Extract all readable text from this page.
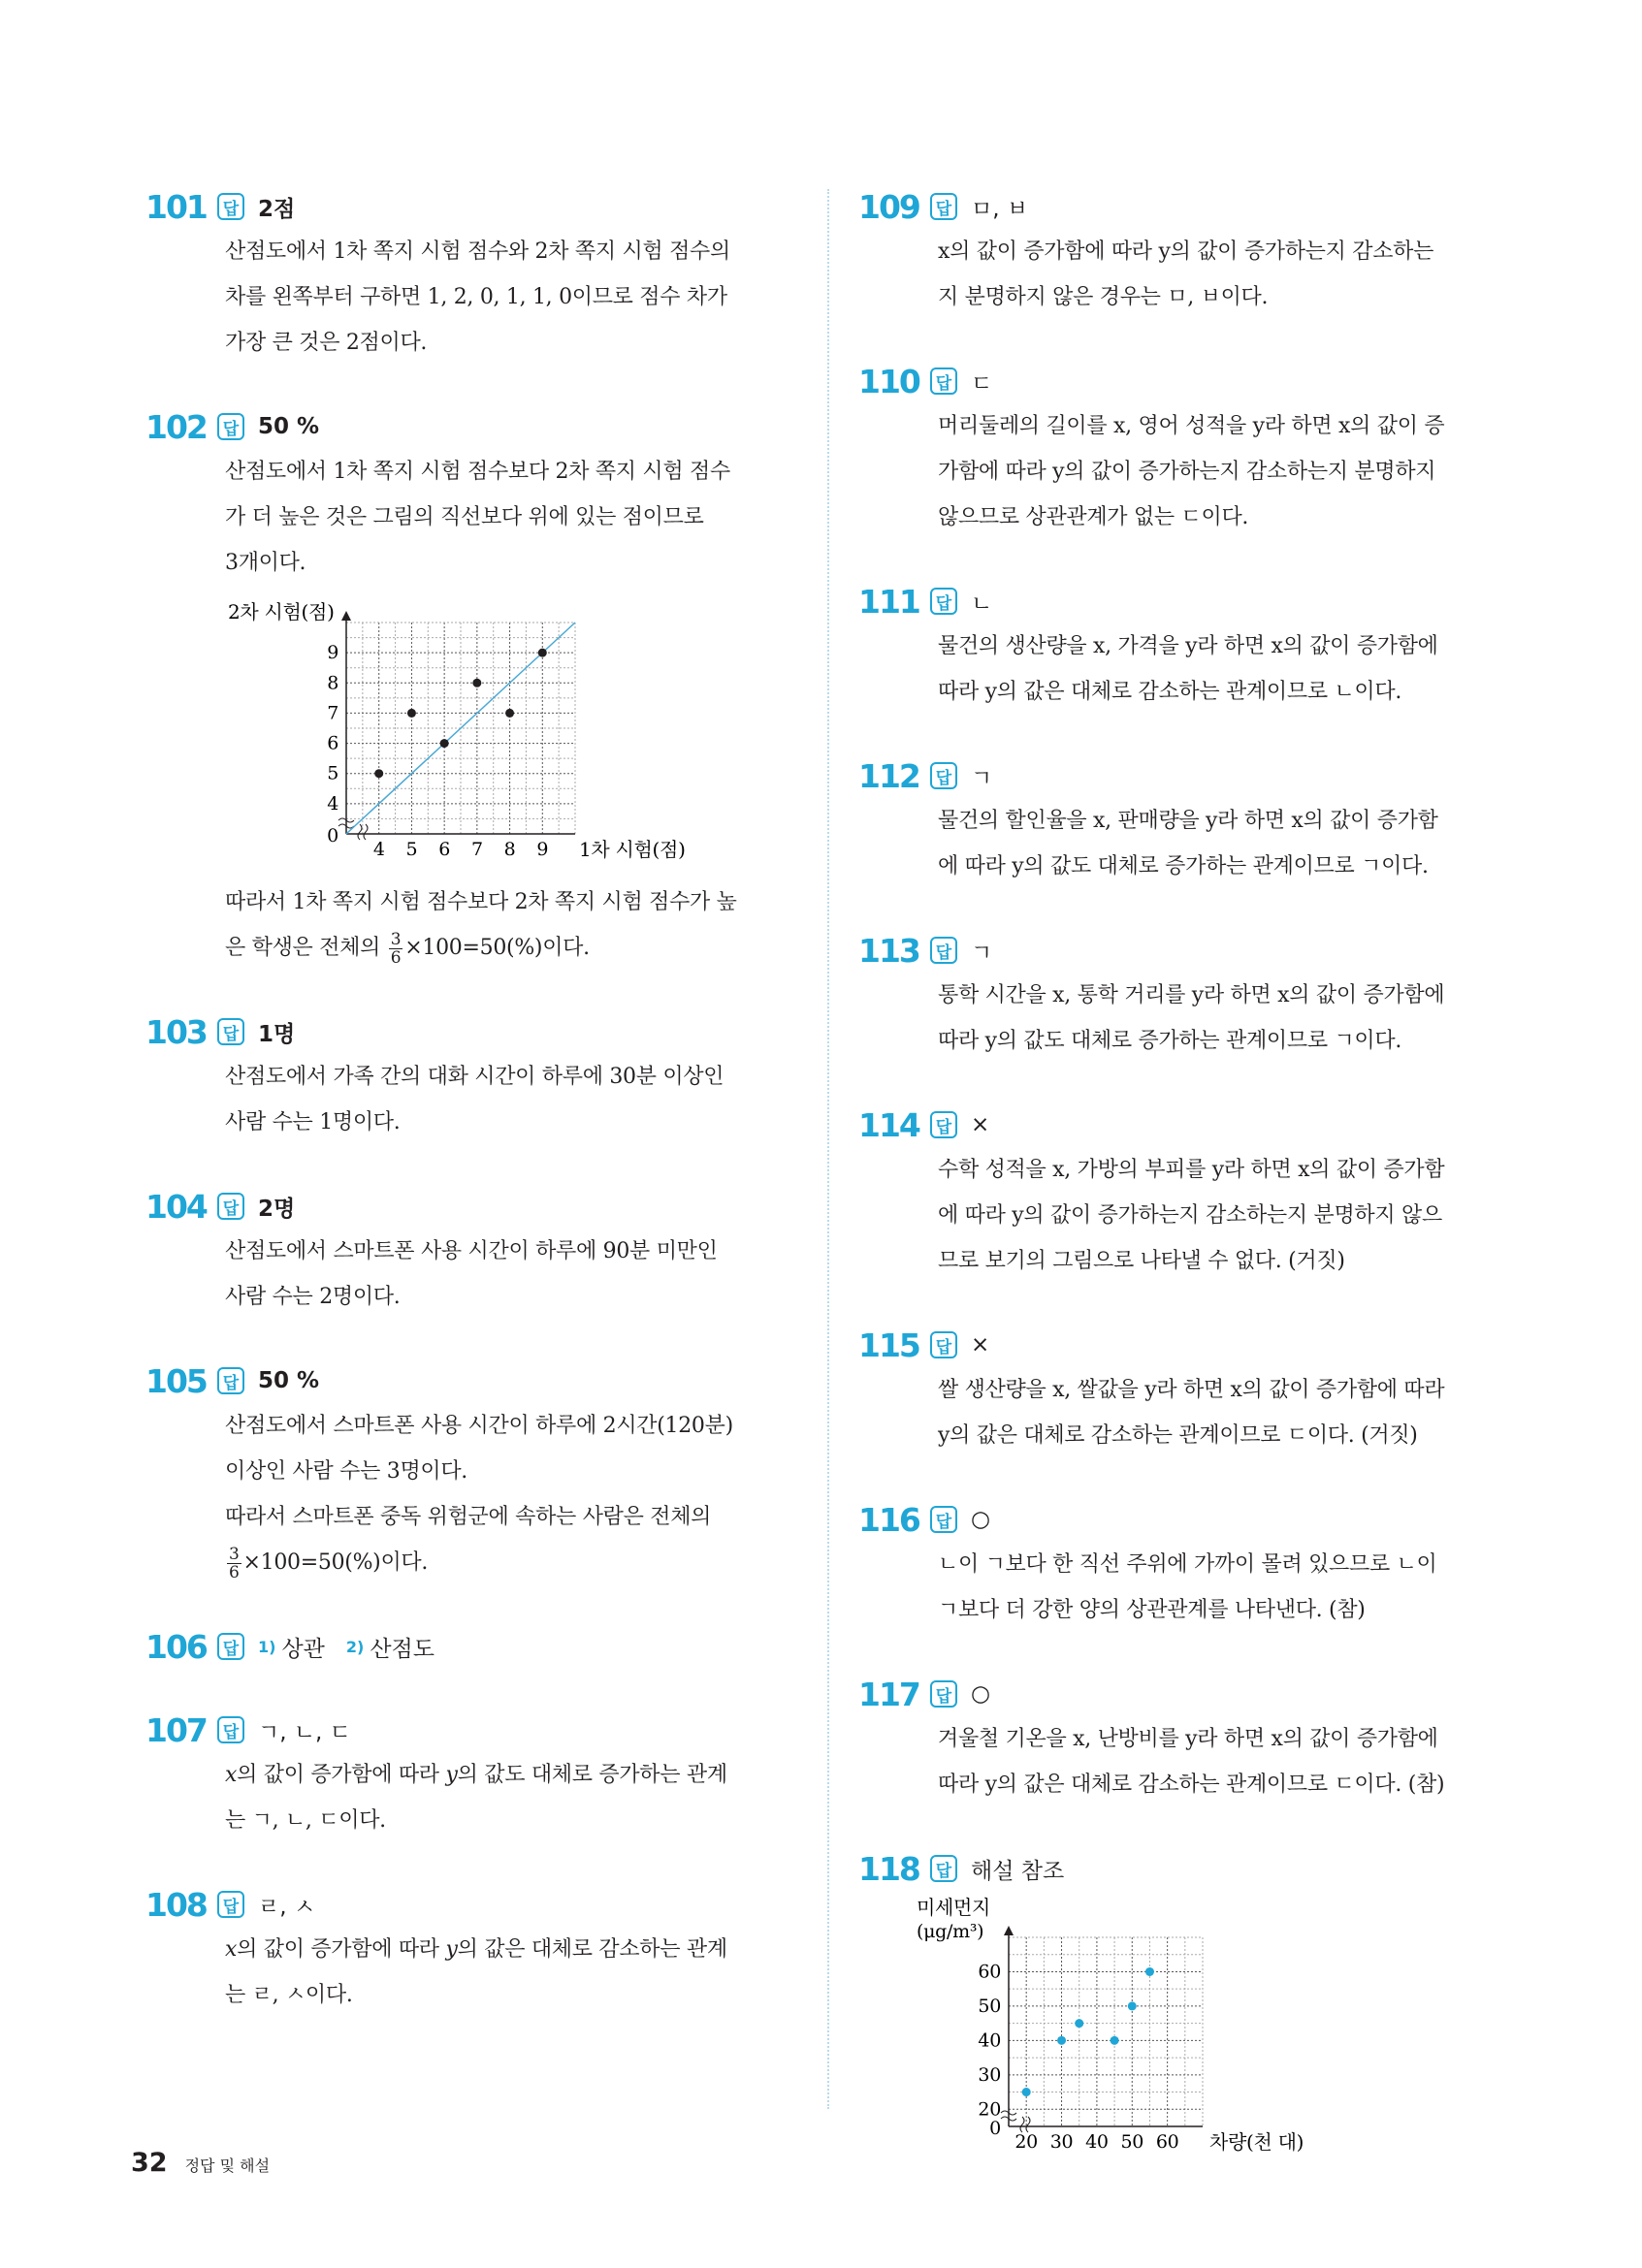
101 답 2점

산점도에서 1차 쪽지 시험 점수와 2차 쪽지 시험 점수의

차를 왼쪽부터 구하면 1, 2, 0, 1, 1, 0이므로 점수 차가

가장 큰 것은 2점이다.

102 답 50 %

산점도에서 1차 쪽지 시험 점수보다 2차 쪽지 시험 점수

가 더 높은 것은 그림의 직선보다 위에 있는 점이므로

3개이다.

0
4 5 6 7 8 9
4
5
6
7
8
9
2차 시험(점)
1차 시험(점)

따라서 1차 쪽지 시험 점수보다 2차 쪽지 시험 점수가 높

은 학생은 전체의 $\frac{3}{6} \times 100=50(\%)$이다.

103 답 1명

산점도에서 가족 간의 대화 시간이 하루에 30분 이상인

사람 수는 1명이다.

104 답 2명

산점도에서 스마트폰 사용 시간이 하루에 90분 미만인

사람 수는 2명이다.

105 답 50 %

산점도에서 스마트폰 사용 시간이 하루에 2시간(120분)

이상인 사람 수는 3명이다.

따라서 스마트폰 중독 위험군에 속하는 사람은 전체의

$\frac{3}{6} \times 100=50(\%)$이다.

106 답	1) 상관 2) 산점도
107 답 ㄱ, ㄴ, ㄷ

x의 값이 증가함에 따라 y의 값도 대체로 증가하는 관계

는 ㄱ, ㄴ, ㄷ이다.

108 답 ㄹ, ㅅ

x의 값이 증가함에 따라 y의 값은 대체로 감소하는 관계

는 ㄹ, ㅅ이다.

109 답 ㅁ, ㅂ

x의 값이 증가함에 따라 y의 값이 증가하는지 감소하는

지 분명하지 않은 경우는 ㅁ, ㅂ이다.

110 답 ㄷ

머리둘레의 길이를 x, 영어 성적을 y라 하면 x의 값이 증

가함에 따라 y의 값이 증가하는지 감소하는지 분명하지

않으므로 상관관계가 없는 ㄷ이다.

111 답 ㄴ

물건의 생산량을 x, 가격을 y라 하면 x의 값이 증가함에

따라 y의 값은 대체로 감소하는 관계이므로 ㄴ이다.

112 답 ㄱ

물건의 할인율을 x, 판매량을 y라 하면 x의 값이 증가함

에 따라 y의 값도 대체로 증가하는 관계이므로 ㄱ이다.

113 답 ㄱ

통학 시간을 x, 통학 거리를 y라 하면 x의 값이 증가함에

따라 y의 값도 대체로 증가하는 관계이므로 ㄱ이다.

114 답 ×

수학 성적을 x, 가방의 부피를 y라 하면 x의 값이 증가함

에 따라 y의 값이 증가하는지 감소하는지 분명하지 않으

므로 보기의 그림으로 나타낼 수 없다. (거짓)

115 답 ×

쌀 생산량을 x, 쌀값을 y라 하면 x의 값이 증가함에 따라

y의 값은 대체로 감소하는 관계이므로 ㄷ이다. (거짓)

116 답 ○

ㄴ이 ㄱ보다 한 직선 주위에 가까이 몰려 있으므로 ㄴ이

ㄱ보다 더 강한 양의 상관관계를 나타낸다. (참)

117 답 ○

겨울철 기온을 x, 난방비를 y라 하면 x의 값이 증가함에

따라 y의 값은 대체로 감소하는 관계이므로 ㄷ이다. (참)

118 답 해설 참조
0
20 30 40 50 60
20
30
40
50
60
미세먼지
(μg/m³)
차량(천 대)
32 정답 및 해설
